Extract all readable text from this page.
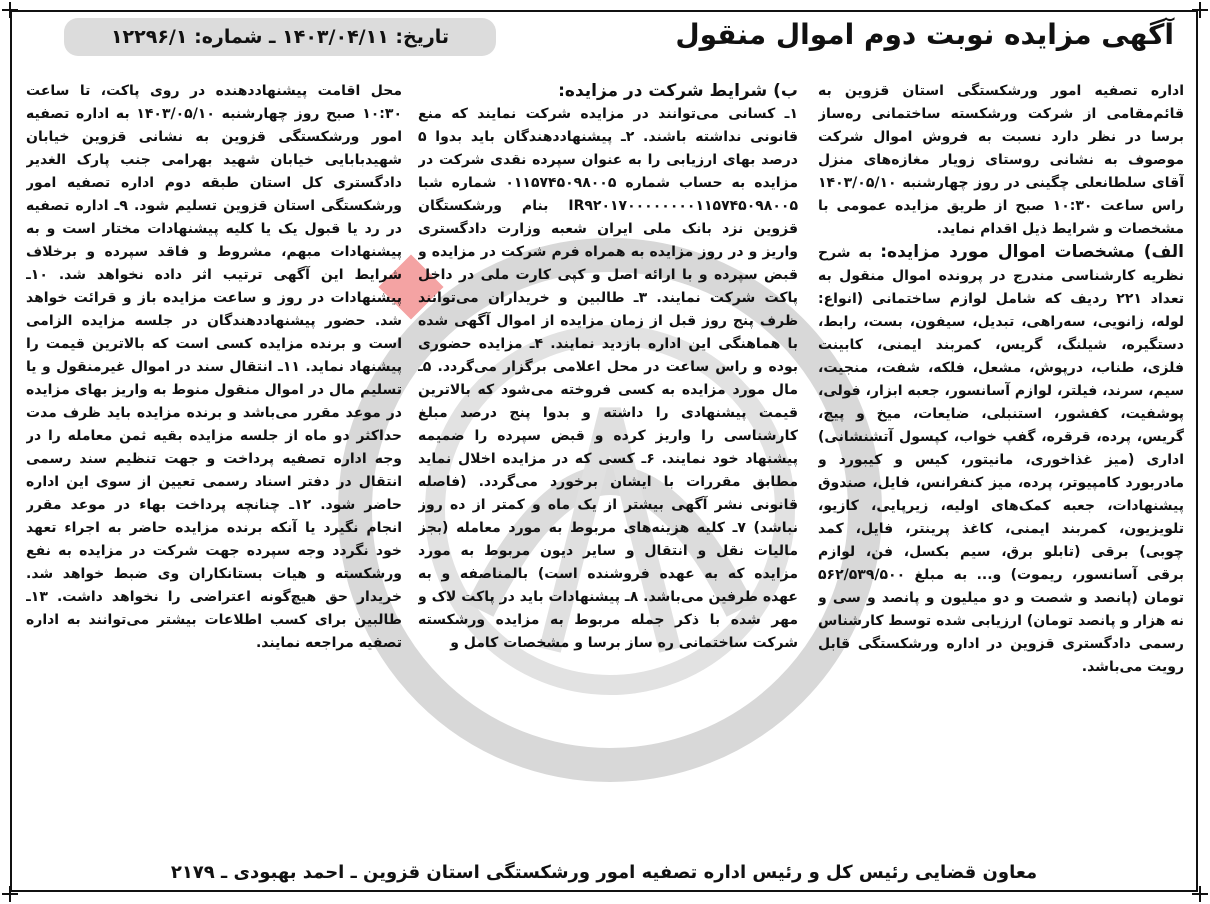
آگهی مزایده نوبت دوم اموال منقول
تاریخ: ۱۴۰۳/۰۴/۱۱ ـ شماره: ۱۲۲۹۶/۱

اداره تصفیه امور ورشکستگی استان قزوین به قائم‌مقامی از شرکت ورشکسته ساختمانی ره‌ساز برسا در نظر دارد نسبت به فروش اموال شرکت موصوف به نشانی روستای زویار مغازه‌های منزل آقای سلطانعلی چگینی در روز چهارشنبه ۱۴۰۳/۰۵/۱۰ راس ساعت ۱۰:۳۰ صبح از طریق مزایده عمومی با مشخصات و شرایط ذیل اقدام نماید.

الف) مشخصات اموال مورد مزایده: به شرح نظریه کارشناسی مندرج در پرونده اموال منقول به تعداد ۲۲۱ ردیف که شامل لوازم ساختمانی (انواع: لوله، زانویی، سه‌راهی، تبدیل، سیفون، بست، رابط، دستگیره، شیلنگ، گریس، کمربند ایمنی، کابینت فلزی، طناب، درپوش، مشعل، فلکه، شفت، منجیت، سیم، سرند، فیلتر، لوازم آسانسور، جعبه ابزار، فولی، پوشفیت، کفشور، استنبلی، ضایعات، میخ و پیچ، گریس، پرده، قرقره، گفپ خواب، کپسول آتشنشانی) اداری (میز غذاخوری، مانیتور، کیس و کیبورد و مادربورد کامپیوتر، پرده، میز کنفرانس، فایل، صندوق پیشنهادات، جعبه کمک‌های اولیه، زیرپایی، کازیو، تلویزیون، کمربند ایمنی، کاغذ پرینتر، فایل، کمد چوبی) برقی (تابلو برق، سیم بکسل، فن، لوازم برقی آسانسور، ریموت) و... به مبلغ ۵۶۲/۵۳۹/۵۰۰ تومان (پانصد و شصت و دو میلیون و پانصد و سی و نه هزار و پانصد تومان) ارزیابی شده توسط کارشناس رسمی دادگستری قزوین در اداره ورشکستگی قابل رویت می‌باشد.

ب) شرایط شرکت در مزایده:

۱ـ کسانی می‌توانند در مزایده شرکت نمایند که منع قانونی نداشته باشند. ۲ـ پیشنهاددهندگان باید بدوا ۵ درصد بهای ارزیابی را به عنوان سپرده نقدی شرکت در مزایده به حساب شماره ۰۱۱۵۷۴۵۰۹۸۰۰۵ شماره شبا IR۹۲۰۱۷۰۰۰۰۰۰۰۰۱۱۵۷۴۵۰۹۸۰۰۵ بنام ورشکستگان قزوین نزد بانک ملی ایران شعبه وزارت دادگستری واریز و در روز مزایده به همراه فرم شرکت در مزایده و قبض سپرده و با ارائه اصل و کپی کارت ملی در داخل پاکت شرکت نمایند. ۳ـ طالبین و خریداران می‌توانند ظرف پنج روز قبل از زمان مزایده از اموال آگهی شده با هماهنگی این اداره بازدید نمایند. ۴ـ مزایده حضوری بوده و راس ساعت در محل اعلامی برگزار می‌گردد. ۵ـ مال مورد مزایده به کسی فروخته می‌شود که بالاترین قیمت پیشنهادی را داشته و بدوا پنج درصد مبلغ کارشناسی را واریز کرده و قبض سپرده را ضمیمه پیشنهاد خود نمایند. ۶ـ کسی که در مزایده اخلال نماید مطابق مقررات با ایشان برخورد می‌گردد. (فاصله قانونی نشر آگهی بیشتر از یک ماه و کمتر از ده روز نباشد) ۷ـ کلیه هزینه‌های مربوط به مورد معامله (بجز مالیات نقل و انتقال و سایر دیون مربوط به مورد مزایده که به عهده فروشنده است) بالمناصفه و به عهده طرفین می‌باشد. ۸ـ پیشنهادات باید در پاکت لاک و مهر شده با ذکر جمله مربوط به مزایده ورشکسته شرکت ساختمانی ره ساز برسا و مشخصات کامل و

محل اقامت پیشنهاددهنده در روی پاکت، تا ساعت ۱۰:۳۰ صبح روز چهارشنبه ۱۴۰۳/۰۵/۱۰ به اداره تصفیه امور ورشکستگی قزوین به نشانی قزوین خیابان شهیدبابایی خیابان شهید بهرامی جنب پارک الغدیر دادگستری کل استان طبقه دوم اداره تصفیه امور ورشکستگی استان قزوین تسلیم شود. ۹ـ اداره تصفیه در رد یا قبول یک یا کلیه پیشنهادات مختار است و به پیشنهادات مبهم، مشروط و فاقد سپرده و برخلاف شرایط این آگهی ترتیب اثر داده نخواهد شد. ۱۰ـ پیشنهادات در روز و ساعت مزایده باز و قرائت خواهد شد. حضور پیشنهاددهندگان در جلسه مزایده الزامی است و برنده مزایده کسی است که بالاترین قیمت را پیشنهاد نماید. ۱۱ـ انتقال سند در اموال غیرمنقول و یا تسلیم مال در اموال منقول منوط به واریز بهای مزایده در موعد مقرر می‌باشد و برنده مزایده باید ظرف مدت حداکثر دو ماه از جلسه مزایده بقیه ثمن معامله را در وجه اداره تصفیه پرداخت و جهت تنظیم سند رسمی انتقال در دفتر اسناد رسمی تعیین از سوی این اداره حاضر شود. ۱۲ـ چنانچه پرداخت بهاء در موعد مقرر انجام نگیرد یا آنکه برنده مزایده حاضر به اجراء تعهد خود نگردد وجه سپرده جهت شرکت در مزایده به نفع ورشکسته و هیات بستانکاران وی ضبط خواهد شد. خریدار حق هیچ‌گونه اعتراضی را نخواهد داشت. ۱۳ـ طالبین برای کسب اطلاعات بیشتر می‌توانند به اداره تصفیه مراجعه نمایند.

معاون قضایی رئیس کل و رئیس اداره تصفیه امور ورشکستگی استان قزوین ـ احمد بهبودی ـ ۲۱۷۹
